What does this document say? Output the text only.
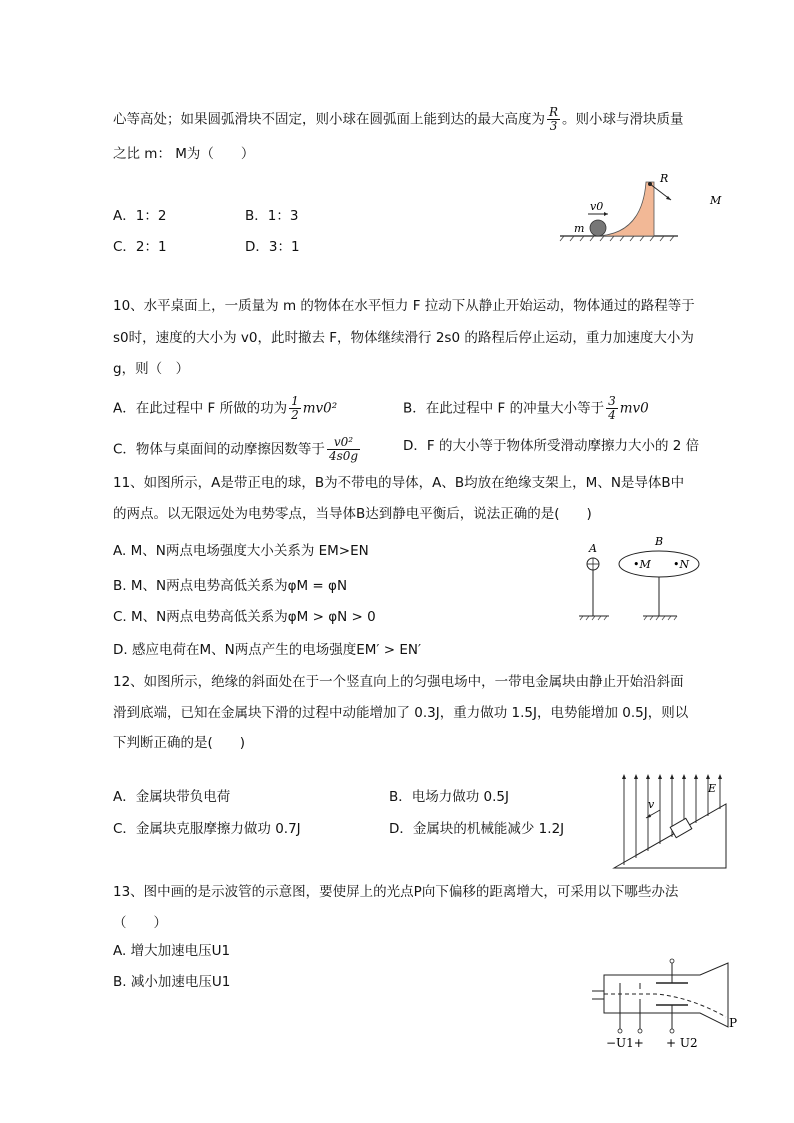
心等高处；如果圆弧滑块不固定，则小球在圆弧面上能到达的最大高度为 $\frac{R}{3}$ 。则小球与滑块质量
之比 m： M为（　　）
A．1：2	B．1：3
C．2：1	D．3：1
R
M
m
v0
10、水平桌面上，一质量为 m 的物体在水平恒力 F 拉动下从静止开始运动，物体通过的路程等于
s0时，速度的大小为 v0，此时撤去 F，物体继续滑行 2s0 的路程后停止运动，重力加速度大小为
g，则（　）
A．在此过程中 F 所做的功为 $\frac{1}{2} mv0^2$	B．在此过程中 F 的冲量大小等于 $\frac{3}{4} mv0$
C．物体与桌面间的动摩擦因数等于 $\frac{\text{v0²}}{4s0g}$	D．F 的大小等于物体所受滑动摩擦力大小的 2 倍
11、如图所示，A是带正电的球，B为不带电的导体，A、B均放在绝缘支架上，M、N是导体B中
的两点。以无限远处为电势零点，当导体B达到静电平衡后，说法正确的是(　　)
A. M、N两点电场强度大小关系为 EM>EN
B. M、N两点电势高低关系为φM = φN
C. M、N两点电势高低关系为φM > φN > 0
D. 感应电荷在M、N两点产生的电场强度EM′ > EN′
A
B
•M •N
12、如图所示，绝缘的斜面处在于一个竖直向上的匀强电场中，一带电金属块由静止开始沿斜面
滑到底端，已知在金属块下滑的过程中动能增加了 0.3J，重力做功 1.5J，电势能增加 0.5J，则以
下判断正确的是(　　)
A．金属块带负电荷	B．电场力做功 0.5J
C．金属块克服摩擦力做功 0.7J	D．金属块的机械能减少 1.2J
v
E
13、图中画的是示波管的示意图，要使屏上的光点P向下偏移的距离增大，可采用以下哪些办法
（　　）
A. 增大加速电压U1
B. 减小加速电压U1
P
−U1+ + U2
